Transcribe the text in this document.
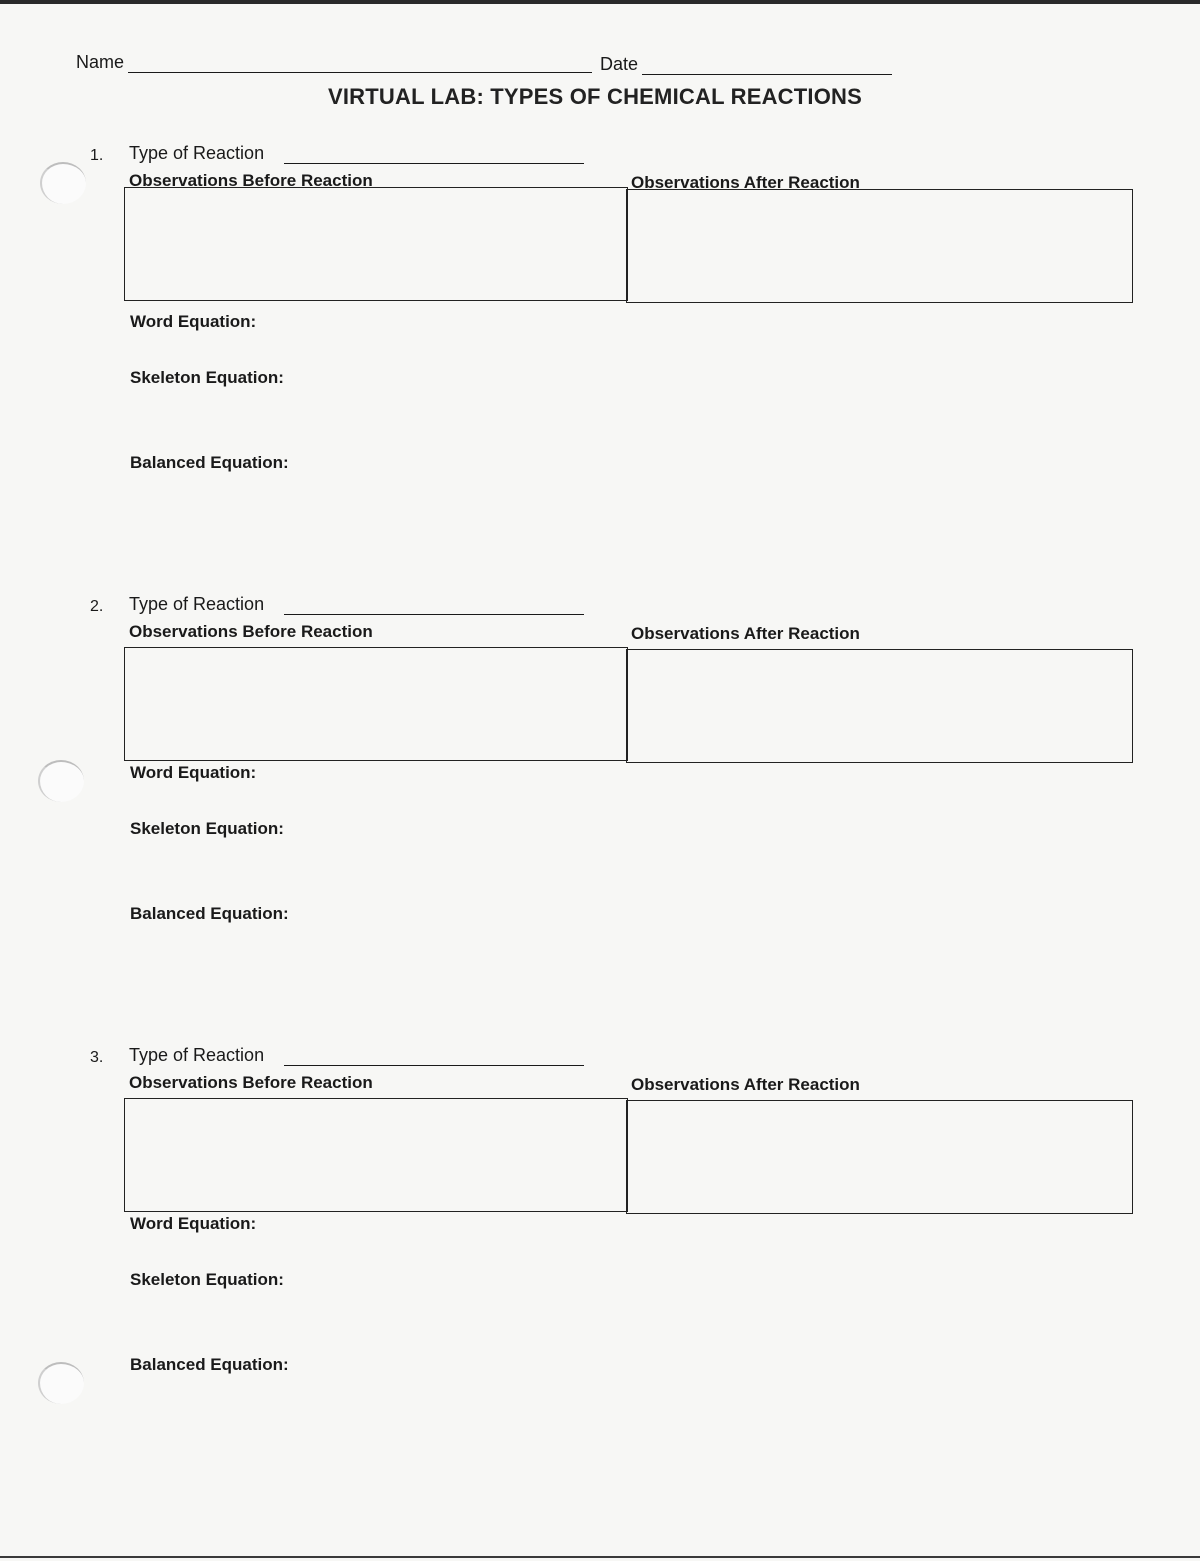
Name	Date
VIRTUAL LAB: TYPES OF CHEMICAL REACTIONS
1. Type of Reaction
Observations Before Reaction	Observations After Reaction
Word Equation:
Skeleton Equation:
Balanced Equation:
2. Type of Reaction
Observations Before Reaction	Observations After Reaction
Word Equation:
Skeleton Equation:
Balanced Equation:
3. Type of Reaction
Observations Before Reaction	Observations After Reaction
Word Equation:
Skeleton Equation:
Balanced Equation:
